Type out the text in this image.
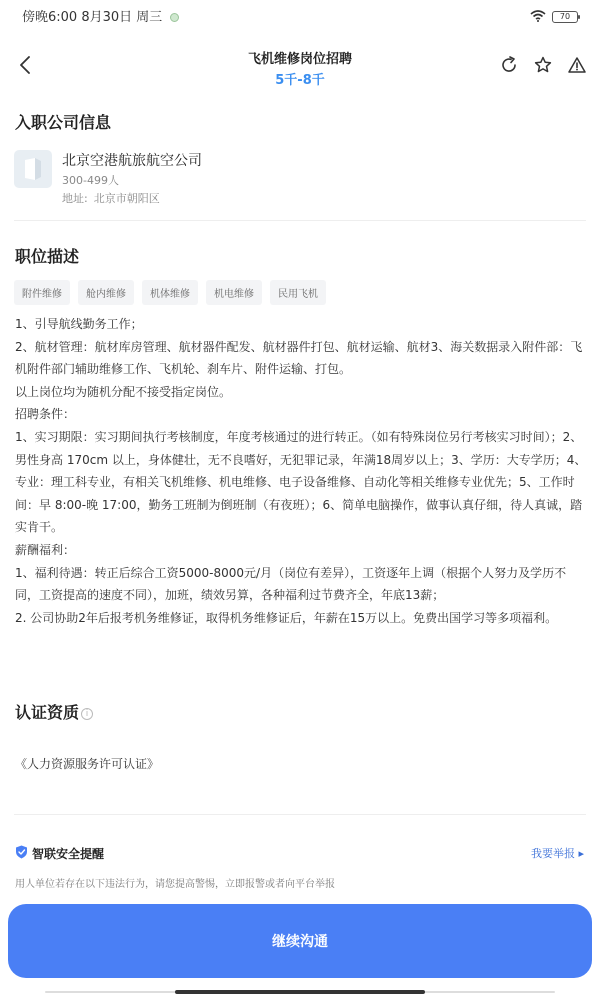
傍晚6:00 8月30日 周三	70
飞机维修岗位招聘
5千-8千
入职公司信息
北京空港航旅航空公司
300-499人
地址: 北京市朝阳区
职位描述
附件维修	舱内维修	机体维修	机电维修	民用飞机

1、引导航线勤务工作；

2、航材管理：航材库房管理、航材器件配发、航材器件打包、航材运输、航材3、海关数据录入附件部：飞机附件部门辅助维修工作、飞机轮、刹车片、附件运输、打包。

以上岗位均为随机分配不接受指定岗位。

招聘条件：

1、实习期限：实习期间执行考核制度，年度考核通过的进行转正。（如有特殊岗位另行考核实习时间）；2、男性身高 170cm 以上，身体健壮，无不良嗜好，无犯罪记录，年满18周岁以上；3、学历：大专学历；4、专业：理工科专业，有相关飞机维修、机电维修、电子设备维修、自动化等相关维修专业优先；5、工作时间：早 8:00-晚 17:00，勤务工班制为倒班制（有夜班）；6、简单电脑操作，做事认真仔细，待人真诚，踏实肯干。

薪酬福利：

1、福利待遇：转正后综合工资5000-8000元/月（岗位有差异），工资逐年上调（根据个人努力及学历不同，工资提高的速度不同），加班，绩效另算，各种福利过节费齐全，年底13薪；

2. 公司协助2年后报考机务维修证，取得机务维修证后，年薪在15万以上。免费出国学习等多项福利。

认证资质 i
《人力资源服务许可认证》
智联安全提醒	我要举报 ▸
用人单位若存在以下违法行为，请您提高警惕，立即报警或者向平台举报
继续沟通
